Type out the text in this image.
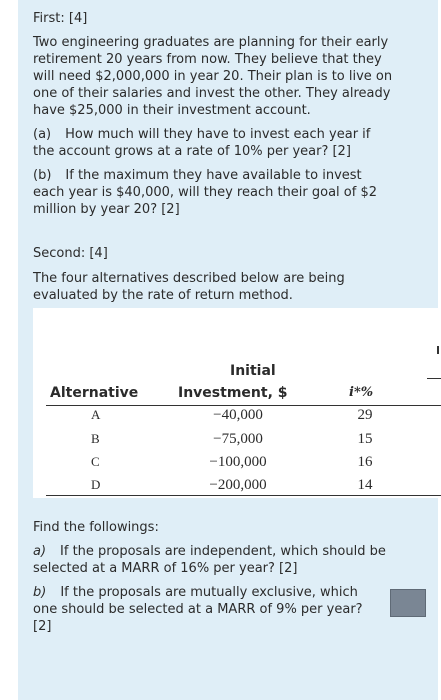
First: [4]

Two engineering graduates are planning for their early retirement 20 years from now. They believe that they will need $2,000,000 in year 20. Their plan is to live on one of their salaries and invest the other. They already have $25,000 in their investment account.

(a) How much will they have to invest each year if the account grows at a rate of 10% per year? [2]

(b) If the maximum they have available to invest each year is $40,000, will they reach their goal of $2 million by year 20? [2]

Second: [4]

The four alternatives described below are being evaluated by the rate of return method.

Initial
Alternative	Investment, $	i*%
A	−40,000	29
B	−75,000	15
C	−100,000	16
D	−200,000	14

Find the followings:

a) If the proposals are independent, which should be selected at a MARR of 16% per year? [2]

b) If the proposals are mutually exclusive, which one should be selected at a MARR of 9% per year? [2]
